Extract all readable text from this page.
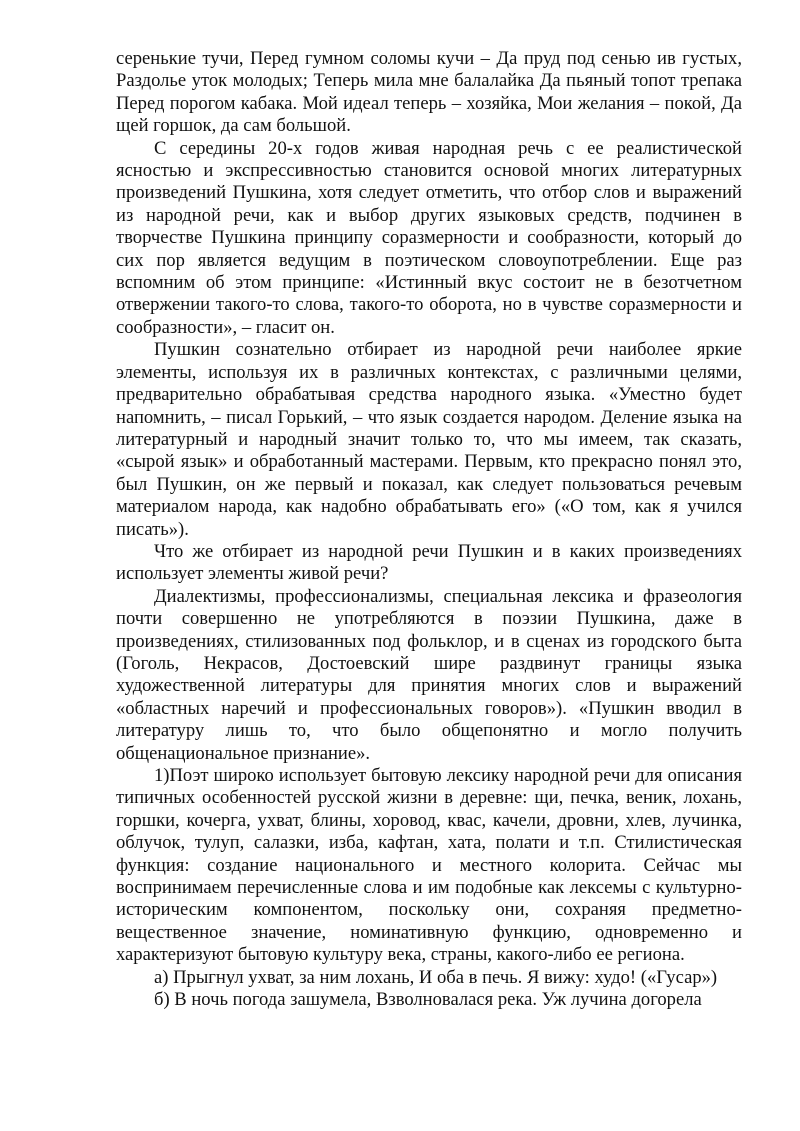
серенькие тучи, Перед гумном соломы кучи – Да пруд под сенью ив густых, Раздолье уток молодых; Теперь мила мне балалайка Да пьяный топот трепака Перед порогом кабака. Мой идеал теперь – хозяйка, Мои желания – покой, Да щей горшок, да сам большой.

С середины 20-х годов живая народная речь с ее реалистической ясностью и экспрессивностью становится основой многих литературных произведений Пушкина, хотя следует отметить, что отбор слов и выражений из народной речи, как и выбор других языковых средств, подчинен в творчестве Пушкина принципу соразмерности и сообразности, который до сих пор является ведущим в поэтическом словоупотреблении. Еще раз вспомним об этом принципе: «Истинный вкус состоит не в безотчетном отвержении такого-то слова, такого-то оборота, но в чувстве соразмерности и сообразности», – гласит он.

Пушкин сознательно отбирает из народной речи наиболее яркие элементы, используя их в различных контекстах, с различными целями, предварительно обрабатывая средства народного языка. «Уместно будет напомнить, – писал Горький, – что язык создается народом. Деление языка на литературный и народный значит только то, что мы имеем, так сказать, «сырой язык» и обработанный мастерами. Первым, кто прекрасно понял это, был Пушкин, он же первый и показал, как следует пользоваться речевым материалом народа, как надобно обрабатывать его» («О том, как я учился писать»).

Что же отбирает из народной речи Пушкин и в каких произведениях использует элементы живой речи?

Диалектизмы, профессионализмы, специальная лексика и фразеология почти совершенно не употребляются в поэзии Пушкина, даже в произведениях, стилизованных под фольклор, и в сценах из городского быта (Гоголь, Некрасов, Достоевский шире раздвинут границы языка художественной литературы для принятия многих слов и выражений «областных наречий и профессиональных говоров»). «Пушкин вводил в литературу лишь то, что было общепонятно и могло получить общенациональное признание».

1)Поэт широко использует бытовую лексику народной речи для описания типичных особенностей русской жизни в деревне: щи, печка, веник, лохань, горшки, кочерга, ухват, блины, хоровод, квас, качели, дровни, хлев, лучинка, облучок, тулуп, салазки, изба, кафтан, хата, полати и т.п. Стилистическая функция: создание национального и местного колорита. Сейчас мы воспринимаем перечисленные слова и им подобные как лексемы с культурно-историческим компонентом, поскольку они, сохраняя предметно-вещественное значение, номинативную функцию, одновременно и характеризуют бытовую культуру века, страны, какого-либо ее региона.

а) Прыгнул ухват, за ним лохань, И оба в печь. Я вижу: худо! («Гусар»)

б) В ночь погода зашумела, Взволновалася река. Уж лучина догорела
